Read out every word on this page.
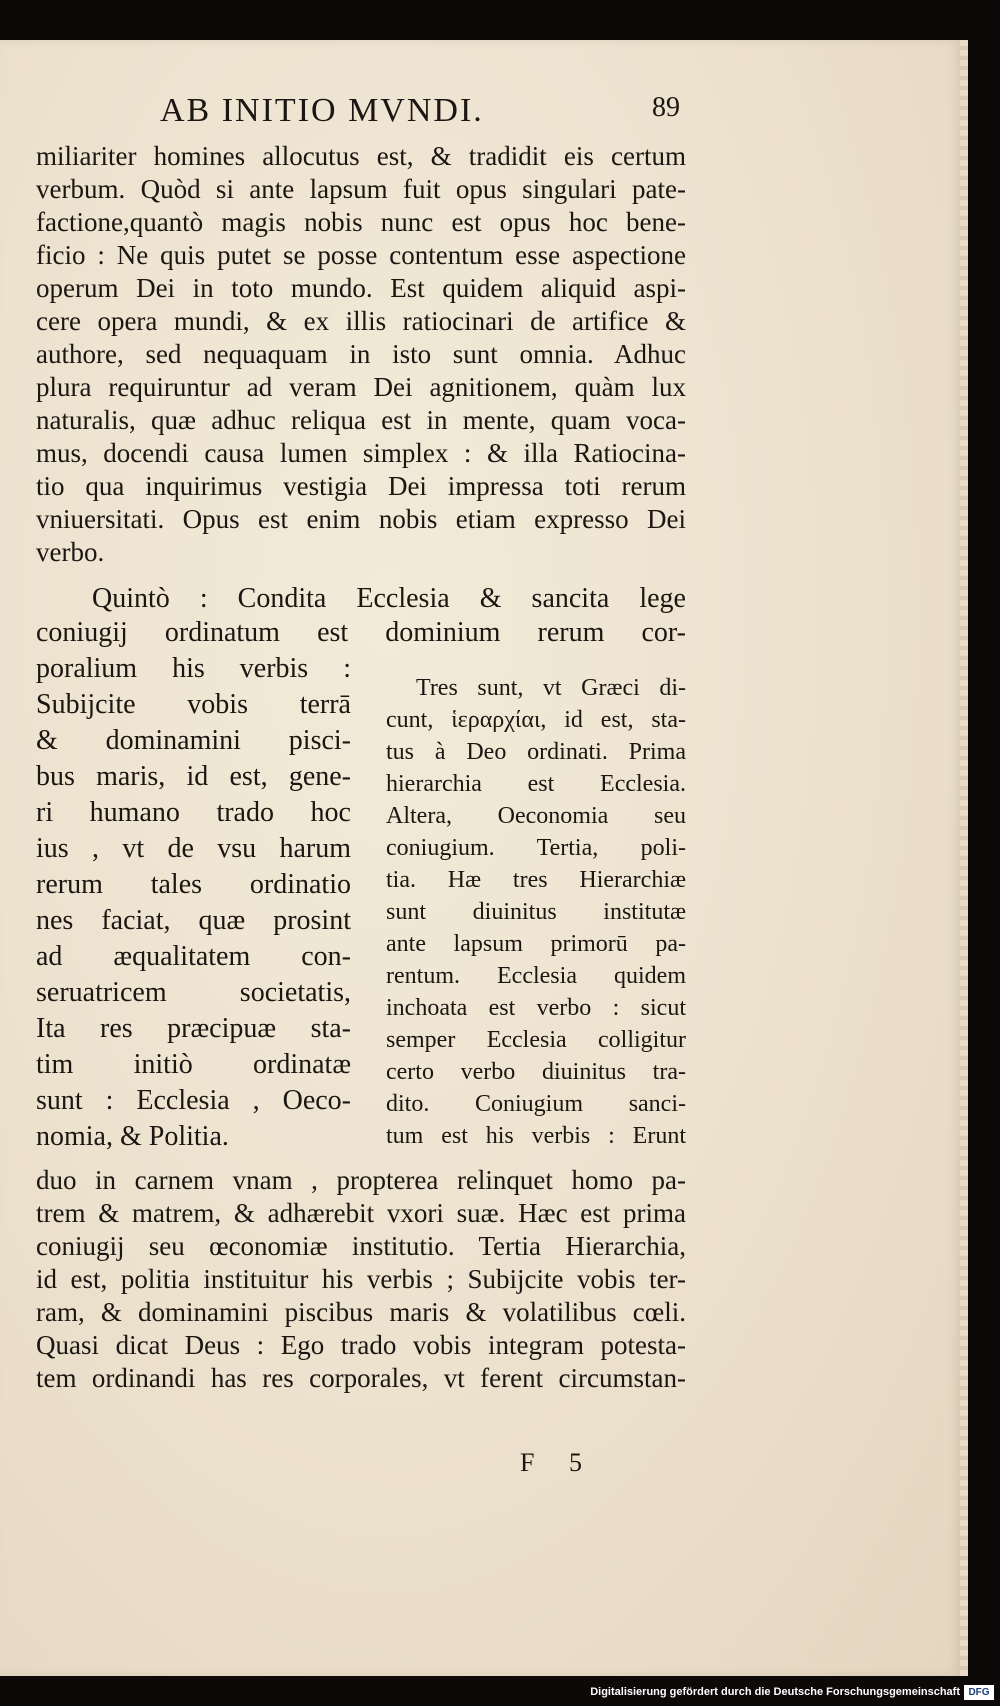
AB INITIO MVNDI.	89
miliariter homines allocutus est, & tradidit eis certum
verbum. Quòd si ante lapsum fuit opus singulari pate-
factione,quantò magis nobis nunc est opus hoc bene-
ficio : Ne quis putet se posse contentum esse aspectione
operum Dei in toto mundo. Est quidem aliquid aspi-
cere opera mundi, & ex illis ratiocinari de artifice &
authore, sed nequaquam in isto sunt omnia. Adhuc
plura requiruntur ad veram Dei agnitionem, quàm lux
naturalis, quæ adhuc reliqua est in mente, quam voca-
mus, docendi causa lumen simplex : & illa Ratiocina-
tio qua inquirimus vestigia Dei impressa toti rerum
vniuersitati. Opus est enim nobis etiam expresso Dei
verbo.
Quintò : Condita Ecclesia & sancita lege
coniugij ordinatum est dominium rerum cor-
poralium his verbis :
Subijcite vobis terrā
& dominamini pisci-
bus maris, id est, gene-
ri humano trado hoc
ius , vt de vsu harum
rerum tales ordinatio
nes faciat, quæ prosint
ad æqualitatem con-
seruatricem societatis,
Ita res præcipuæ sta-
tim initiò ordinatæ
sunt : Ecclesia , Oeco-
nomia, & Politia.
Tres sunt, vt Græci di-
cunt, ἱεραρχίαι, id est, sta-
tus à Deo ordinati. Prima
hierarchia est Ecclesia.
Altera, Oeconomia seu
coniugium. Tertia, poli-
tia. Hæ tres Hierarchiæ
sunt diuinitus institutæ
ante lapsum primorū pa-
rentum. Ecclesia quidem
inchoata est verbo : sicut
semper Ecclesia colligitur
certo verbo diuinitus tra-
dito. Coniugium sanci-
tum est his verbis : Erunt
duo in carnem vnam , propterea relinquet homo pa-
trem & matrem, & adhærebit vxori suæ. Hæc est prima
coniugij seu œconomiæ institutio. Tertia Hierarchia,
id est, politia instituitur his verbis ; Subijcite vobis ter-
ram, & dominamini piscibus maris & volatilibus cœli.
Quasi dicat Deus : Ego trado vobis integram potesta-
tem ordinandi has res corporales, vt ferent circumstan-
F 5
Digitalisierung gefördert durch die Deutsche Forschungsgemeinschaft DFG
